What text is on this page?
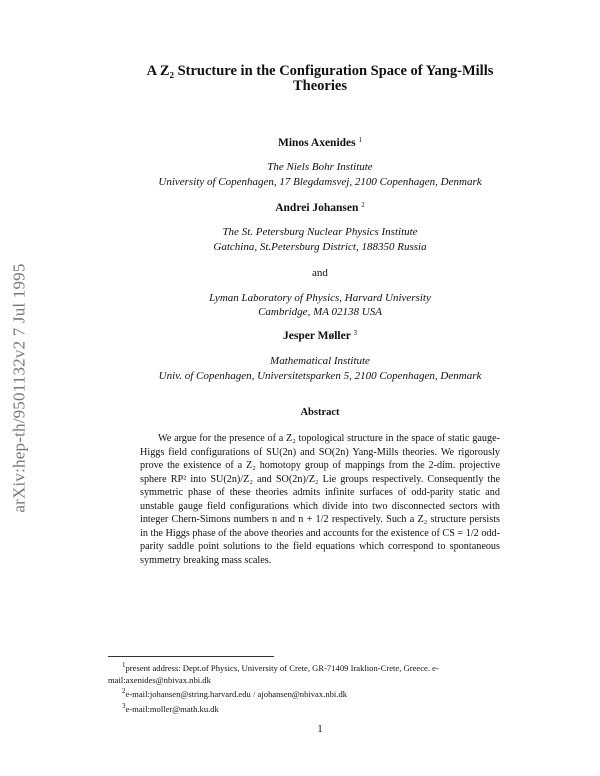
arXiv:hep-th/9501132v2 7 Jul 1995
A Z₂ Structure in the Configuration Space of Yang-Mills
Theories
Minos Axenides $^1$
The Niels Bohr Institute
University of Copenhagen, 17 Blegdamsvej, 2100 Copenhagen, Denmark
Andrei Johansen $^2$
The St. Petersburg Nuclear Physics Institute
Gatchina, St.Petersburg District, 188350 Russia
and
Lyman Laboratory of Physics, Harvard University
Cambridge, MA 02138 USA
Jesper Møller $^3$
Mathematical Institute
Univ. of Copenhagen, Universitetsparken 5, 2100 Copenhagen, Denmark
Abstract

We argue for the presence of a Z₂ topological structure in the space of static gauge-Higgs field configurations of SU(2n) and SO(2n) Yang-Mills theories. We rigorously prove the existence of a Z₂ homotopy group of mappings from the 2-dim. projective sphere RP² into SU(2n)/Z₂ and SO(2n)/Z₂ Lie groups respectively. Consequently the symmetric phase of these theories admits infinite surfaces of odd-parity static and unstable gauge field configurations which divide into two disconnected sectors with integer Chern-Simons numbers n and n + 1/2 respectively. Such a Z₂ structure persists in the Higgs phase of the above theories and accounts for the existence of CS = 1/2 odd-parity saddle point solutions to the field equations which correspond to spontaneous symmetry breaking mass scales.

$^1$present address: Dept.of Physics, University of Crete, GR-71409 Iraklion-Crete, Greece. e-mail:axenides@nbivax.nbi.dk

$^2$e-mail:johansen@string.harvard.edu / ajohansen@nbivax.nbi.dk

$^3$e-mail:moller@math.ku.dk

1
